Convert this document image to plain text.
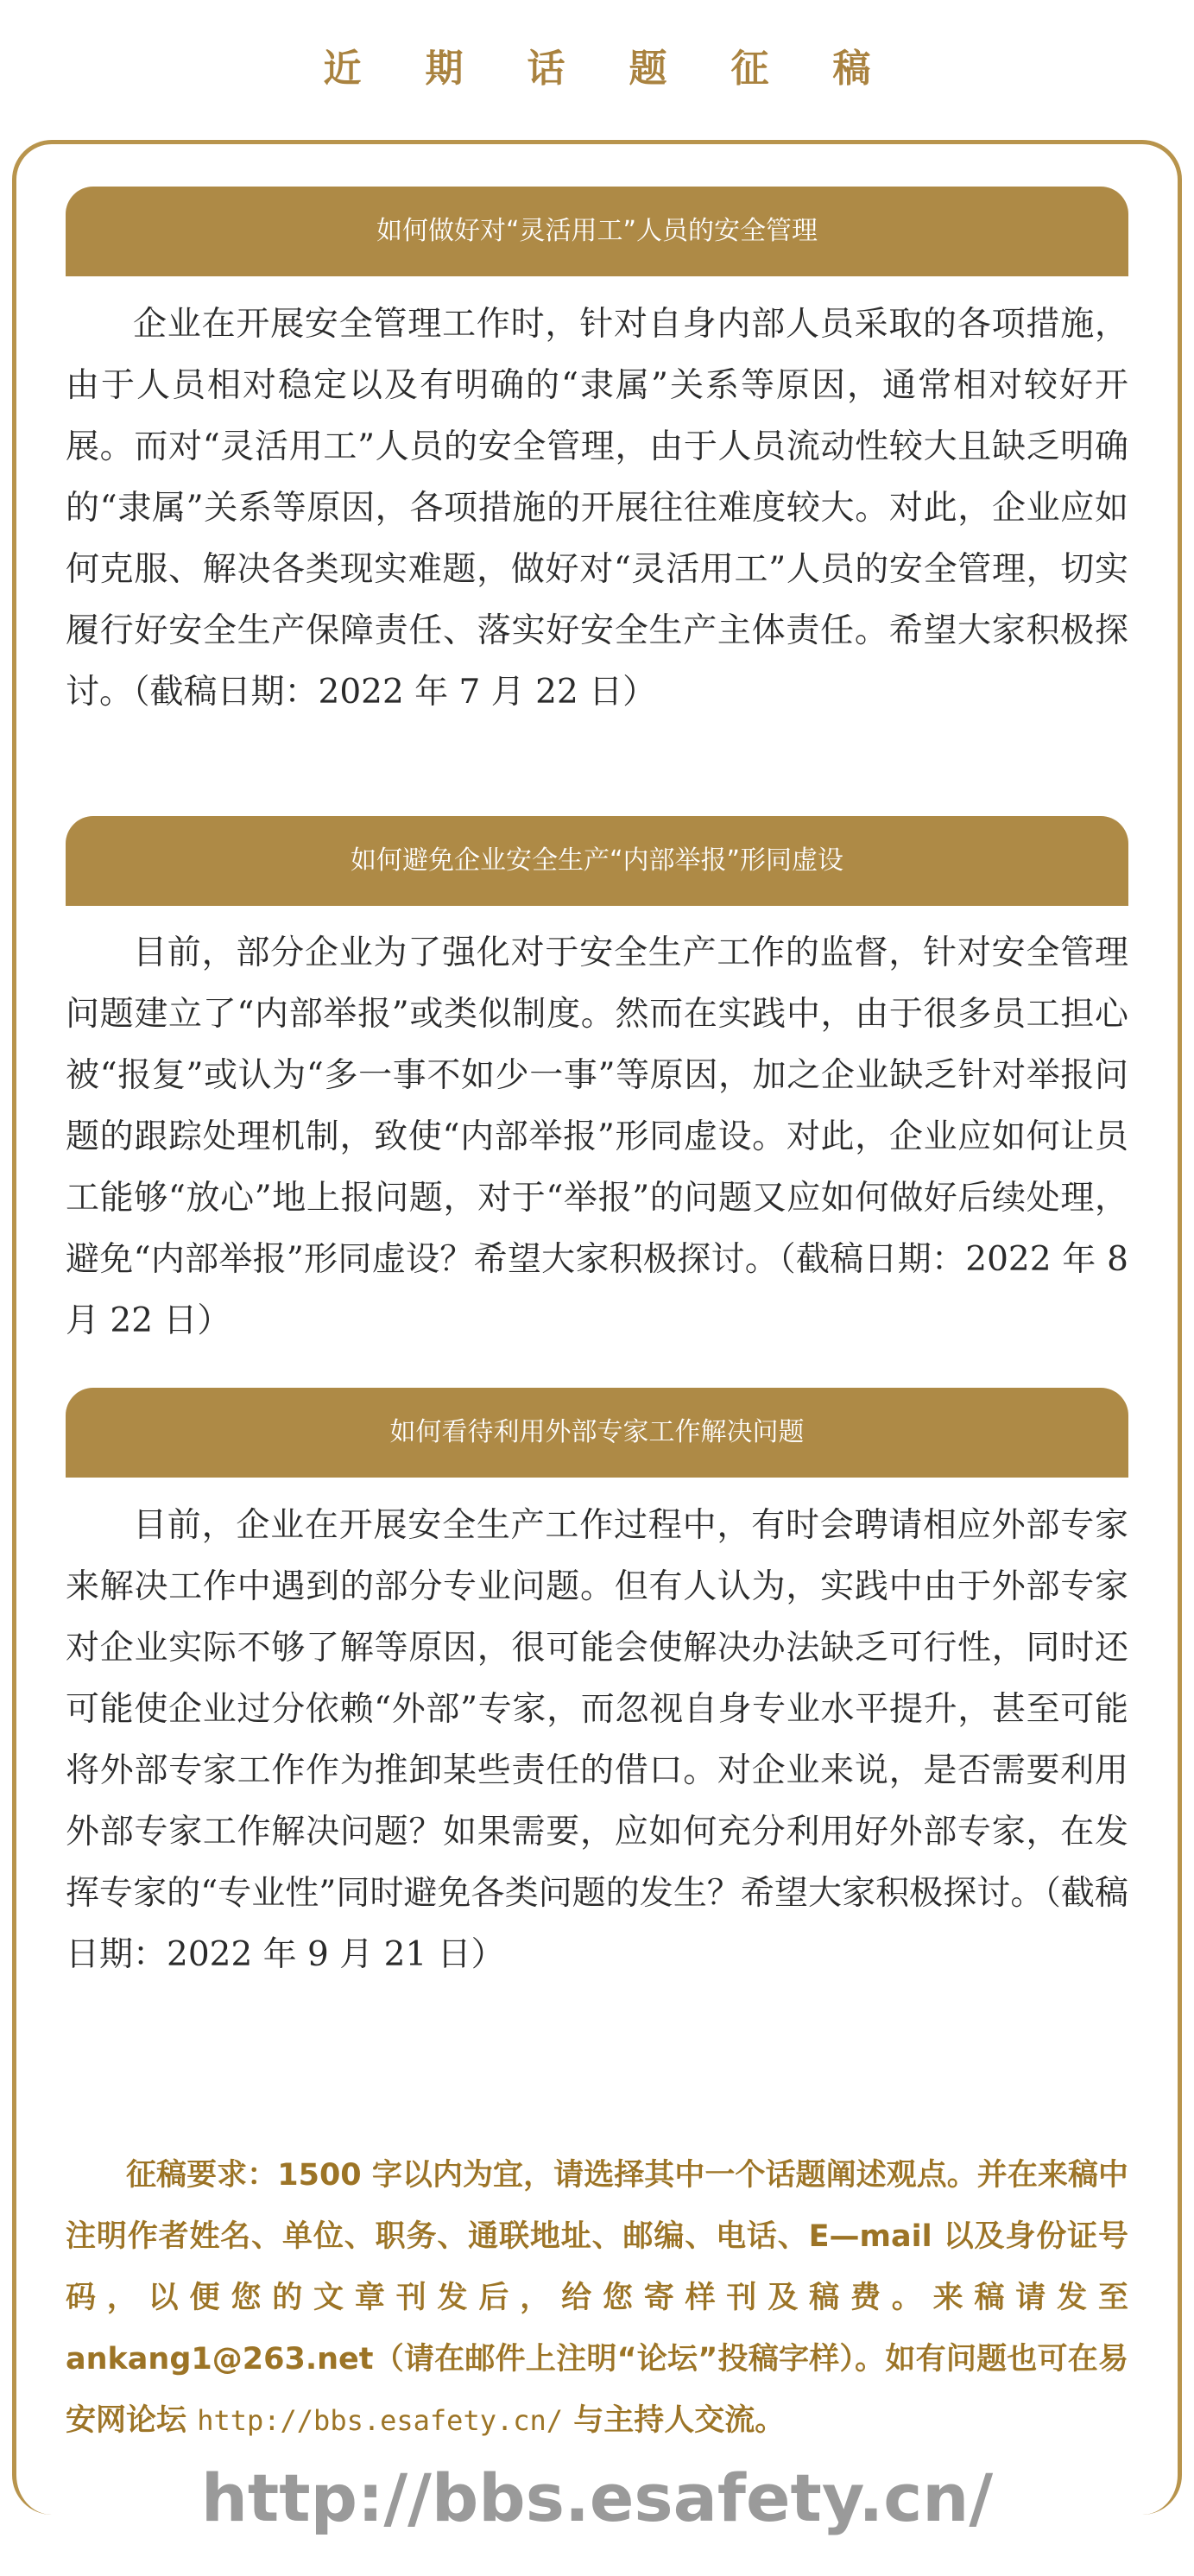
近期话题征稿
如何做好对“灵活用工”人员的安全管理
企业在开展安全管理工作时，针对自身内部人员采取的各项措施，由于人员相对稳定以及有明确的“隶属”关系等原因，通常相对较好开展。而对“灵活用工”人员的安全管理，由于人员流动性较大且缺乏明确的“隶属”关系等原因，各项措施的开展往往难度较大。对此，企业应如何克服、解决各类现实难题，做好对“灵活用工”人员的安全管理，切实履行好安全生产保障责任、落实好安全生产主体责任。希望大家积极探讨。（截稿日期：2022 年 7 月 22 日）
如何避免企业安全生产“内部举报”形同虚设
目前，部分企业为了强化对于安全生产工作的监督，针对安全管理问题建立了“内部举报”或类似制度。然而在实践中，由于很多员工担心被“报复”或认为“多一事不如少一事”等原因，加之企业缺乏针对举报问题的跟踪处理机制，致使“内部举报”形同虚设。对此，企业应如何让员工能够“放心”地上报问题，对于“举报”的问题又应如何做好后续处理，避免“内部举报”形同虚设？希望大家积极探讨。（截稿日期：2022 年 8 月 22 日）
如何看待利用外部专家工作解决问题
目前，企业在开展安全生产工作过程中，有时会聘请相应外部专家来解决工作中遇到的部分专业问题。但有人认为，实践中由于外部专家对企业实际不够了解等原因，很可能会使解决办法缺乏可行性，同时还可能使企业过分依赖“外部”专家，而忽视自身专业水平提升，甚至可能将外部专家工作作为推卸某些责任的借口。对企业来说，是否需要利用外部专家工作解决问题？如果需要，应如何充分利用好外部专家，在发挥专家的“专业性”同时避免各类问题的发生？希望大家积极探讨。（截稿日期：2022 年 9 月 21 日）
征稿要求：1500 字以内为宜，请选择其中一个话题阐述观点。并在来稿中注明作者姓名、单位、职务、通联地址、邮编、电话、E—mail 以及身份证号码，以便您的文章刊发后，给您寄样刊及稿费。来稿请发至 ankang1@263.net（请在邮件上注明“论坛”投稿字样）。如有问题也可在易安网论坛 http://bbs.esafety.cn/ 与主持人交流。
http://bbs.esafety.cn/
